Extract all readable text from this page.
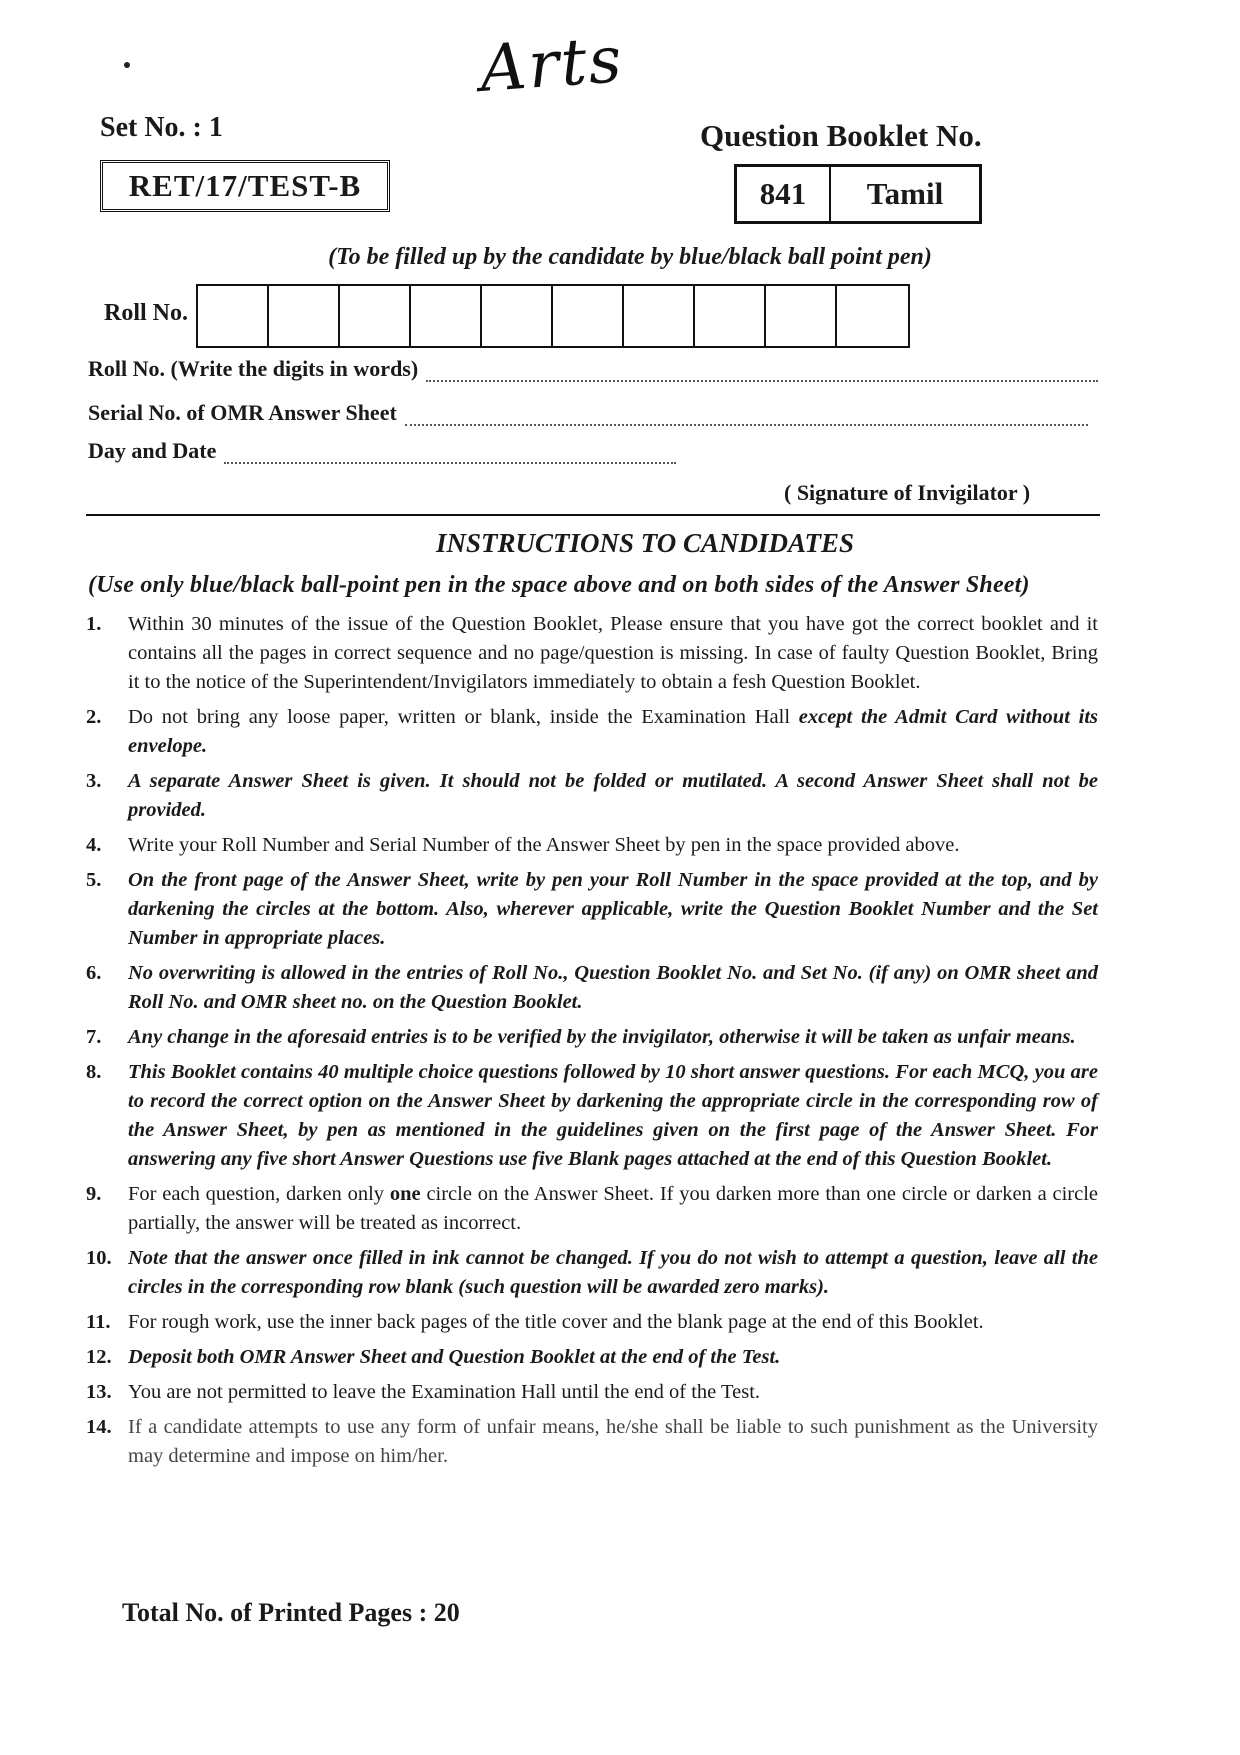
Arts
Set No. : 1	Question Booklet No.
RET/17/TEST-B	841	Tamil
(To be filled up by the candidate by blue/black ball point pen)
Roll No.
Roll No. (Write the digits in words)
Serial No. of OMR Answer Sheet
Day and Date
( Signature of Invigilator )
INSTRUCTIONS TO CANDIDATES
(Use only blue/black ball-point pen in the space above and on both sides of the Answer Sheet)
1.	Within 30 minutes of the issue of the Question Booklet, Please ensure that you have got the correct booklet and it contains all the pages in correct sequence and no page/question is missing. In case of faulty Question Booklet, Bring it to the notice of the Superintendent/Invigilators immediately to obtain a fesh Question Booklet.
2.	Do not bring any loose paper, written or blank, inside the Examination Hall except the Admit Card without its envelope.
3.	A separate Answer Sheet is given. It should not be folded or mutilated. A second Answer Sheet shall not be provided.
4.	Write your Roll Number and Serial Number of the Answer Sheet by pen in the space provided above.
5.	On the front page of the Answer Sheet, write by pen your Roll Number in the space provided at the top, and by darkening the circles at the bottom. Also, wherever applicable, write the Question Booklet Number and the Set Number in appropriate places.
6.	No overwriting is allowed in the entries of Roll No., Question Booklet No. and Set No. (if any) on OMR sheet and Roll No. and OMR sheet no. on the Question Booklet.
7.	Any change in the aforesaid entries is to be verified by the invigilator, otherwise it will be taken as unfair means.
8.	This Booklet contains 40 multiple choice questions followed by 10 short answer questions. For each MCQ, you are to record the correct option on the Answer Sheet by darkening the appropriate circle in the corresponding row of the Answer Sheet, by pen as mentioned in the guidelines given on the first page of the Answer Sheet. For answering any five short Answer Questions use five Blank pages attached at the end of this Question Booklet.
9.	For each question, darken only one circle on the Answer Sheet. If you darken more than one circle or darken a circle partially, the answer will be treated as incorrect.
10. Note that the answer once filled in ink cannot be changed. If you do not wish to attempt a question, leave all the circles in the corresponding row blank (such question will be awarded zero marks).
11. For rough work, use the inner back pages of the title cover and the blank page at the end of this Booklet.
12. Deposit both OMR Answer Sheet and Question Booklet at the end of the Test.
13. You are not permitted to leave the Examination Hall until the end of the Test.
14. If a candidate attempts to use any form of unfair means, he/she shall be liable to such punishment as the University may determine and impose on him/her.
Total No. of Printed Pages : 20
